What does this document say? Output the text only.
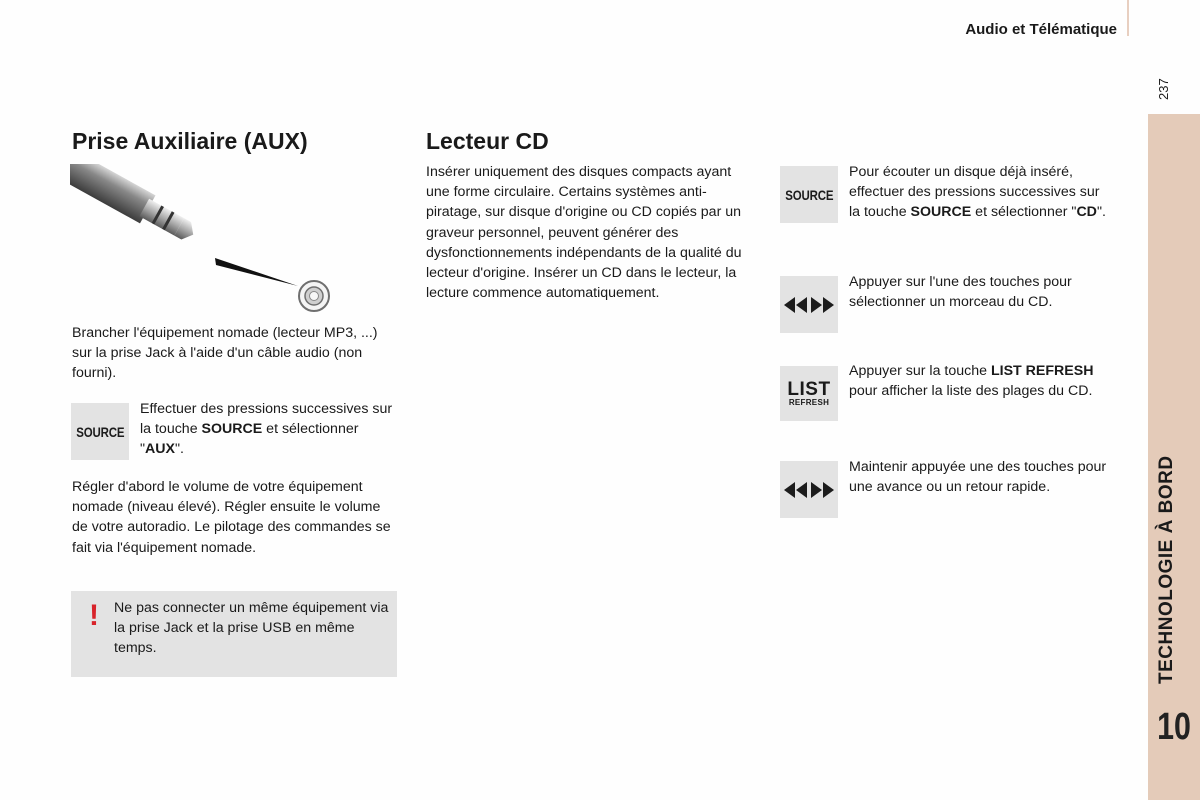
Audio et Télématique
237
TECHNOLOGIE À BORD
10
Prise Auxiliaire (AUX)

Brancher l'équipement nomade (lecteur MP3, ...) sur la prise Jack à l'aide d'un câble audio (non fourni).

SOURCE

Effectuer des pressions successives sur la touche SOURCE et sélectionner "AUX".

Régler d'abord le volume de votre équipement nomade (niveau élevé). Régler ensuite le volume de votre autoradio. Le pilotage des commandes se fait via l'équipement nomade.

! Ne pas connecter un même équipement via la prise Jack et la prise USB en même temps.

Lecteur CD

Insérer uniquement des disques compacts ayant une forme circulaire. Certains systèmes anti-piratage, sur disque d'origine ou CD copiés par un graveur personnel, peuvent générer des dysfonctionnements indépendants de la qualité du lecteur d'origine. Insérer un CD dans le lecteur, la lecture commence automatiquement.

SOURCE

Pour écouter un disque déjà inséré, effectuer des pressions successives sur la touche SOURCE et sélectionner "CD".

Appuyer sur l'une des touches pour sélectionner un morceau du CD.

LIST
REFRESH

Appuyer sur la touche LIST REFRESH pour afficher la liste des plages du CD.

Maintenir appuyée une des touches pour une avance ou un retour rapide.
